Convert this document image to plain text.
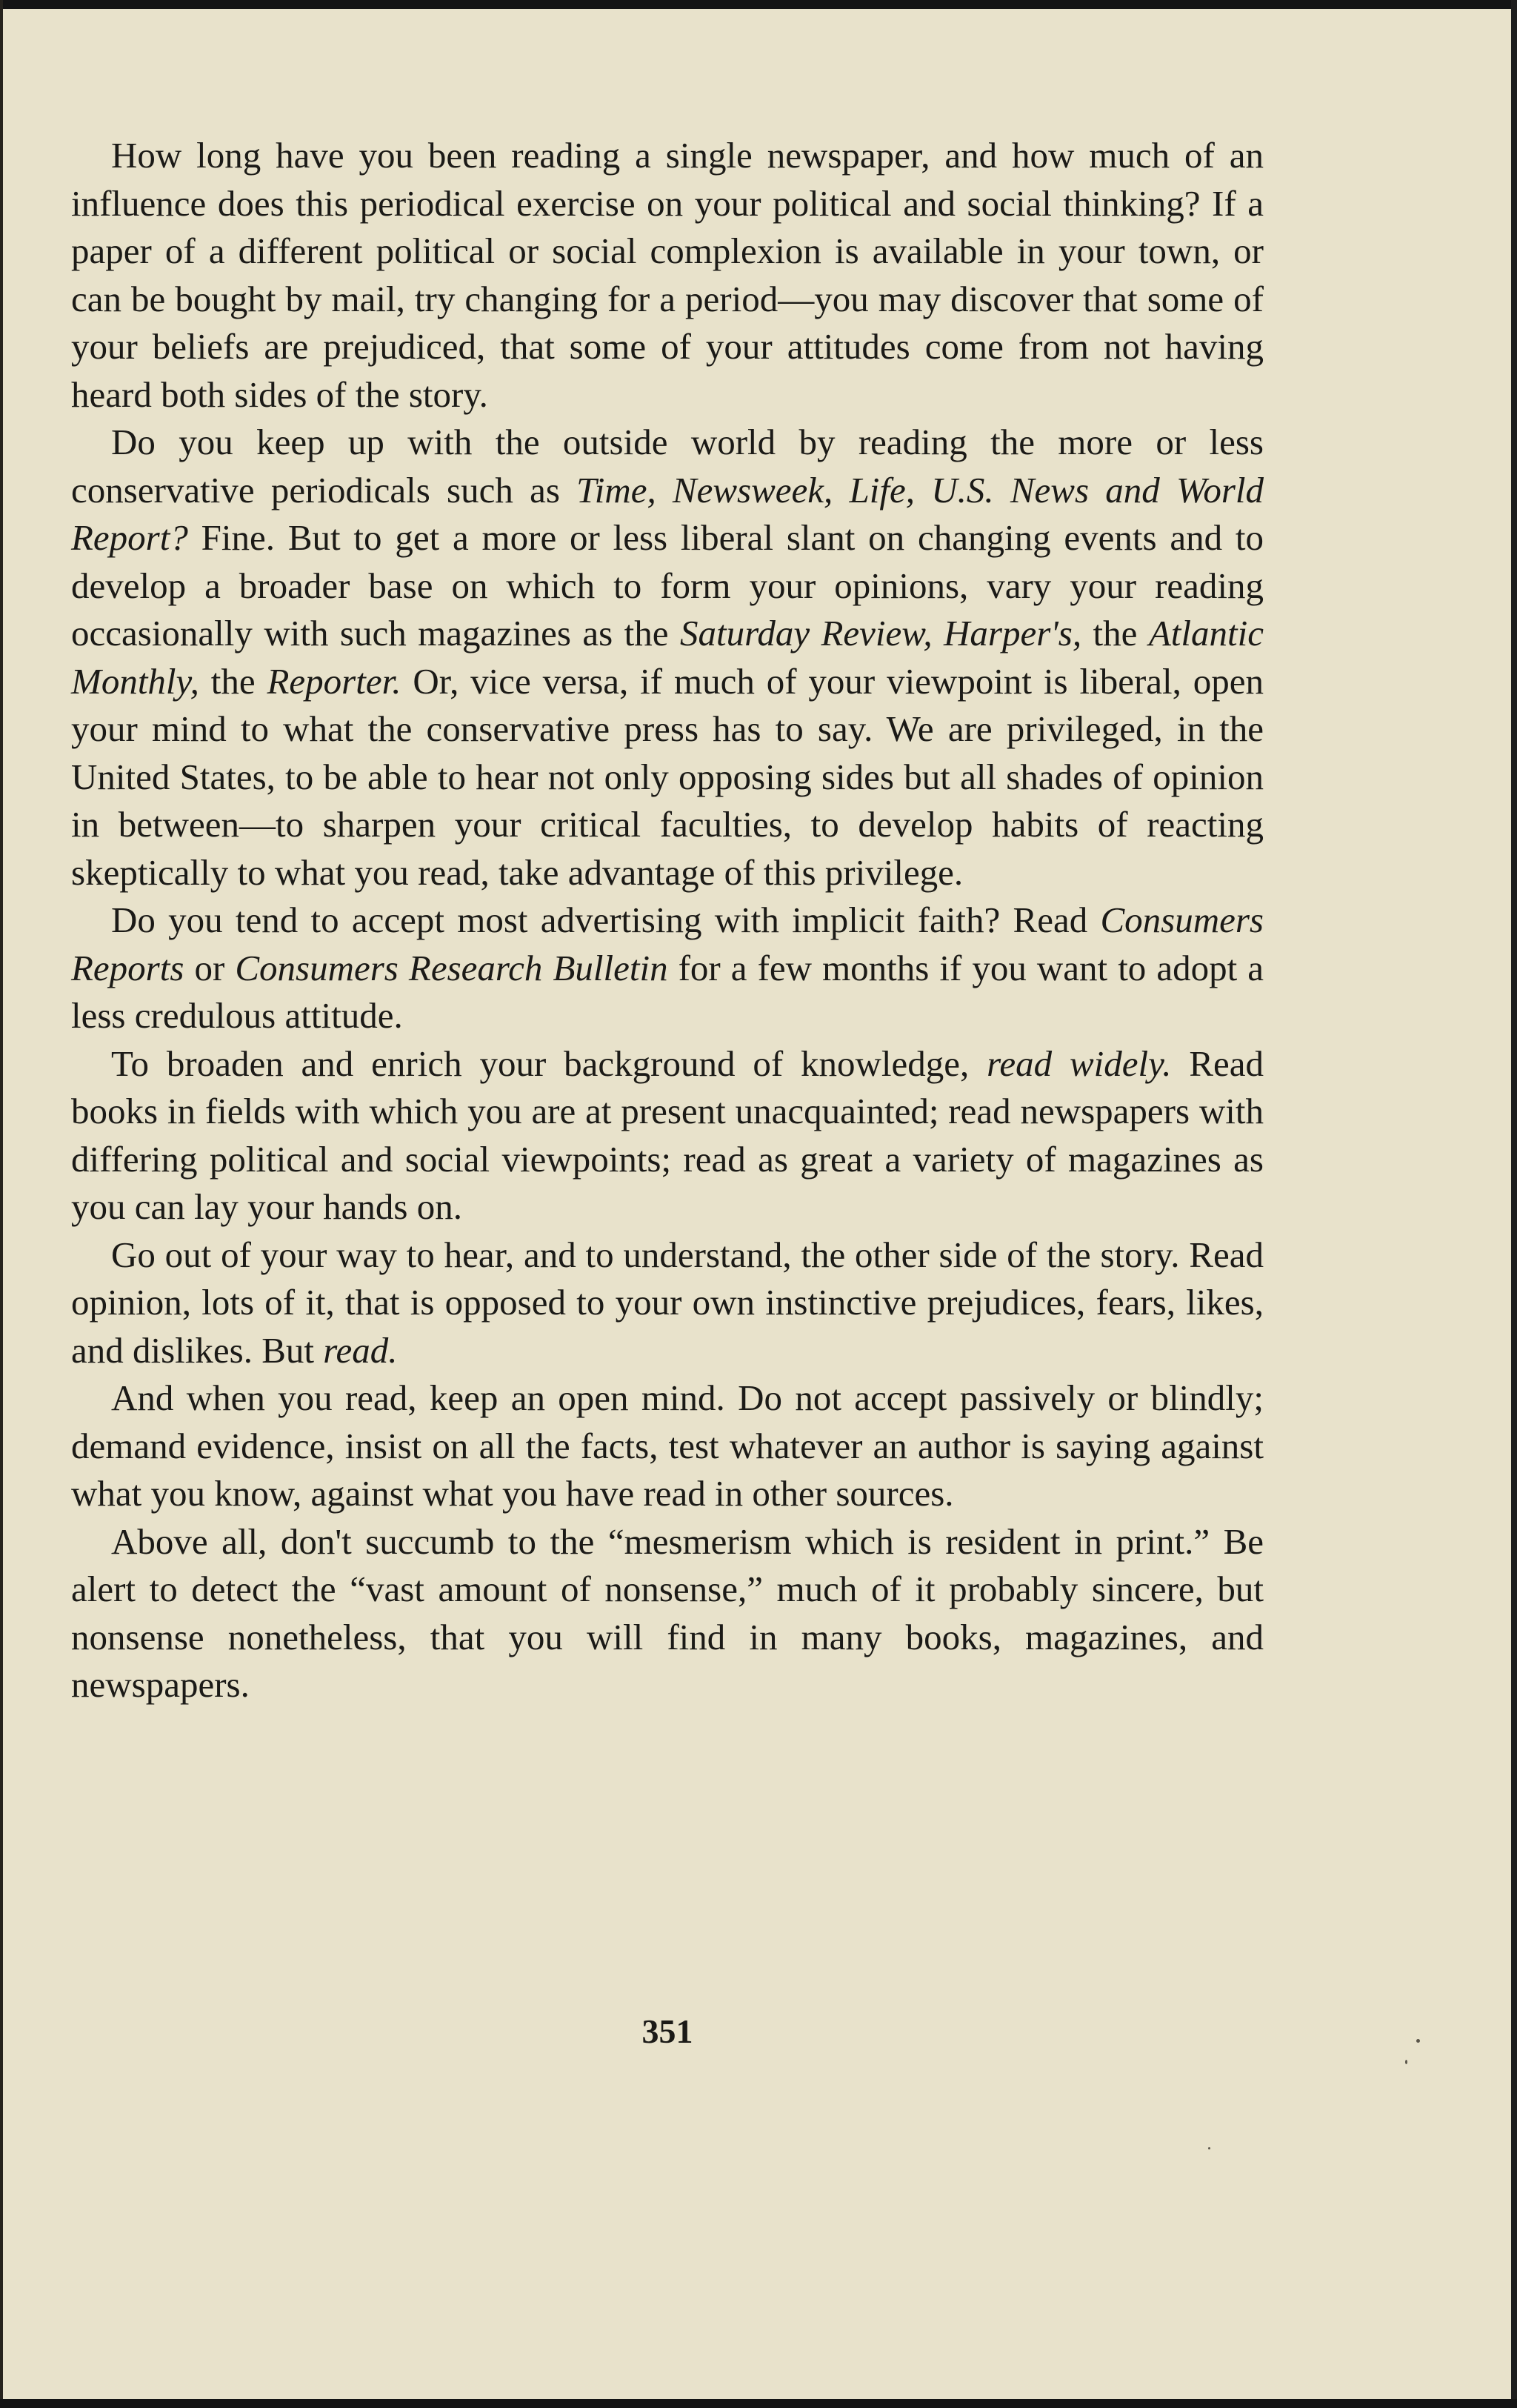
How long have you been reading a single newspaper, and how much of an influence does this periodical exercise on your political and social thinking? If a paper of a different political or social complexion is available in your town, or can be bought by mail, try changing for a period—you may discover that some of your beliefs are prejudiced, that some of your attitudes come from not having heard both sides of the story.

Do you keep up with the outside world by reading the more or less conservative periodicals such as Time, Newsweek, Life, U.S. News and World Report? Fine. But to get a more or less liberal slant on changing events and to develop a broader base on which to form your opinions, vary your reading occasionally with such magazines as the Saturday Review, Harper's, the Atlantic Monthly, the Reporter. Or, vice versa, if much of your viewpoint is liberal, open your mind to what the conservative press has to say. We are privileged, in the United States, to be able to hear not only opposing sides but all shades of opinion in between—to sharpen your critical faculties, to develop habits of reacting skeptically to what you read, take advantage of this privilege.

Do you tend to accept most advertising with implicit faith? Read Consumers Reports or Consumers Research Bulletin for a few months if you want to adopt a less credulous attitude.

To broaden and enrich your background of knowledge, read widely. Read books in fields with which you are at present unacquainted; read newspapers with differing political and social viewpoints; read as great a variety of magazines as you can lay your hands on.

Go out of your way to hear, and to understand, the other side of the story. Read opinion, lots of it, that is opposed to your own instinctive prejudices, fears, likes, and dislikes. But read.

And when you read, keep an open mind. Do not accept passively or blindly; demand evidence, insist on all the facts, test whatever an author is saying against what you know, against what you have read in other sources.

Above all, don't succumb to the “mesmerism which is resident in print.” Be alert to detect the “vast amount of nonsense,” much of it probably sincere, but nonsense nonetheless, that you will find in many books, magazines, and newspapers.

351
